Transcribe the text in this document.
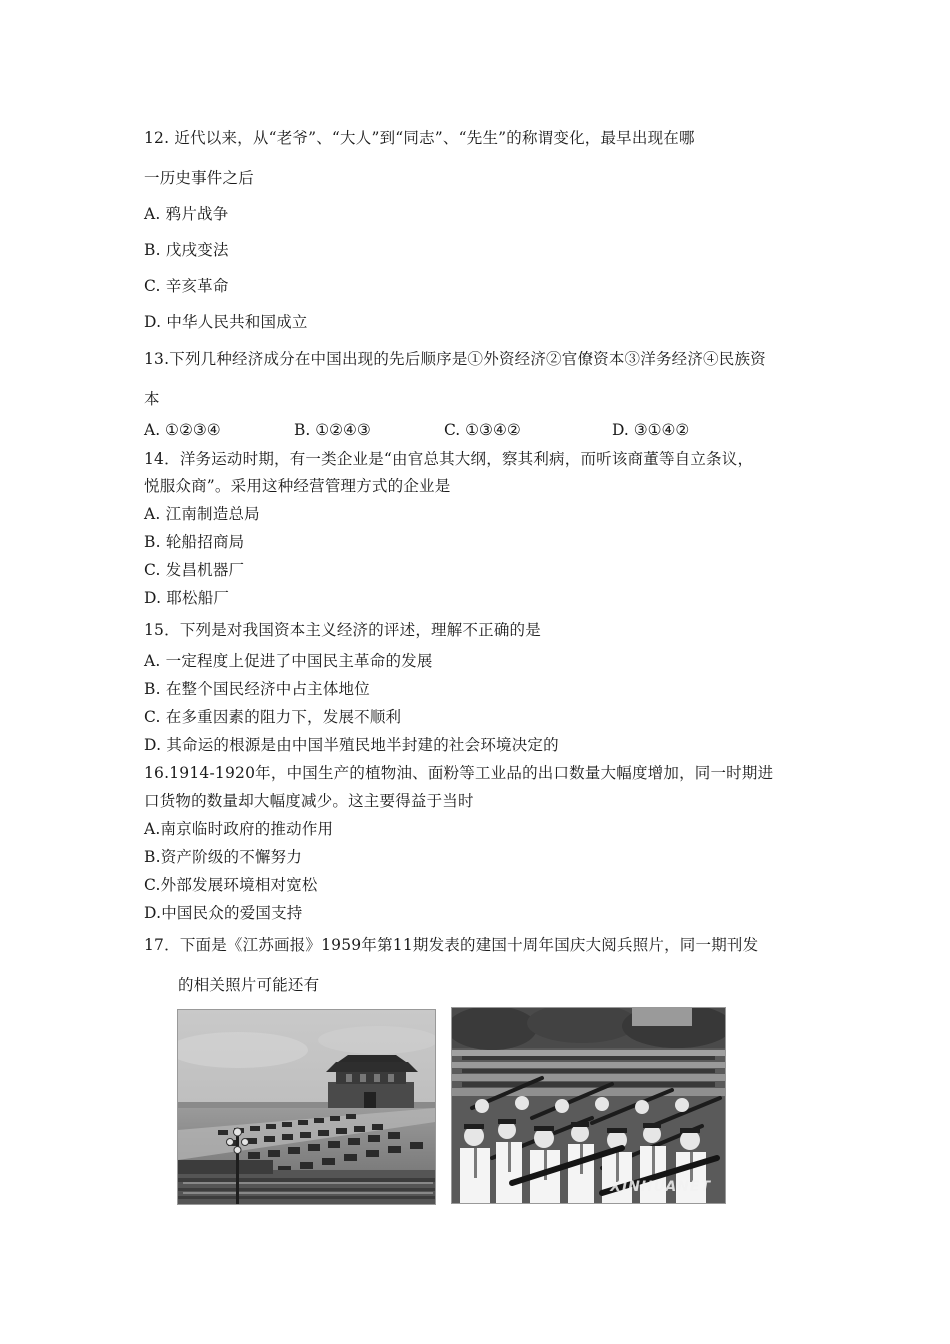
12. 近代以来，从“老爷”、“大人”到“同志”、“先生”的称谓变化，最早出现在哪
一历史事件之后
A. 鸦片战争
B. 戊戌变法
C. 辛亥革命
D. 中华人民共和国成立
13.下列几种经济成分在中国出现的先后顺序是①外资经济②官僚资本③洋务经济④民族资
本
A. ①②③④	B. ①②④③	C. ①③④②	D. ③①④②
14．洋务运动时期，有一类企业是“由官总其大纲，察其利病，而听该商董等自立条议，
悦服众商”。采用这种经营管理方式的企业是
A. 江南制造总局
B. 轮船招商局
C. 发昌机器厂
D. 耶松船厂
15．下列是对我国资本主义经济的评述，理解不正确的是
A. 一定程度上促进了中国民主革命的发展
B. 在整个国民经济中占主体地位
C. 在多重因素的阻力下，发展不顺利
D. 其命运的根源是由中国半殖民地半封建的社会环境决定的
16.1914-1920年，中国生产的植物油、面粉等工业品的出口数量大幅度增加，同一时期进
口货物的数量却大幅度减少。这主要得益于当时
A.南京临时政府的推动作用
B.资产阶级的不懈努力
C.外部发展环境相对宽松
D.中国民众的爱国支持
17．下面是《江苏画报》1959年第11期发表的建国十周年国庆大阅兵照片，同一期刊发
的相关照片可能还有
XINHUANET
